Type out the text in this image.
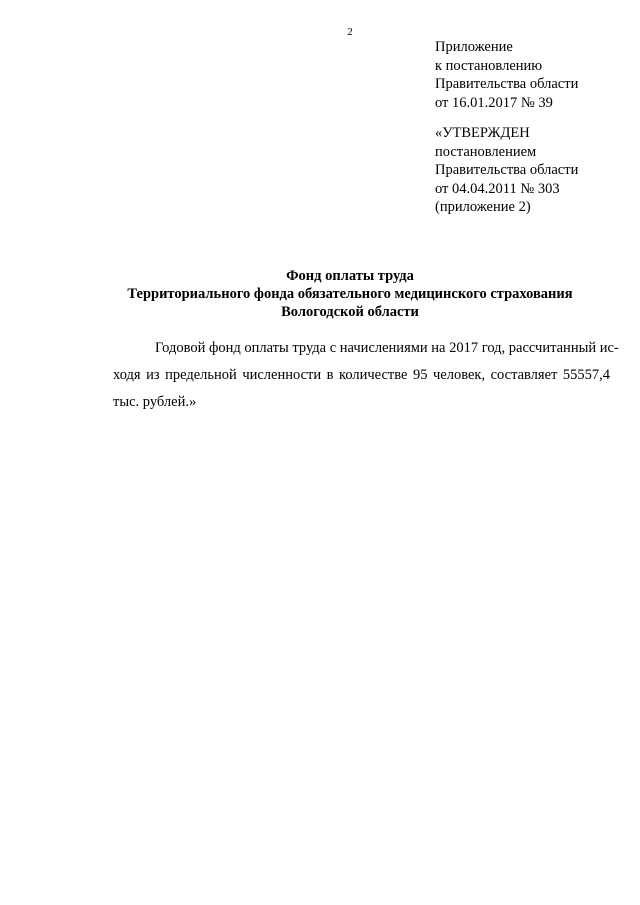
2
Приложение
к постановлению
Правительства области
от 16.01.2017 № 39
«УТВЕРЖДЕН
постановлением
Правительства области
от 04.04.2011 № 303
(приложение 2)
Фонд оплаты труда
Территориального фонда обязательного медицинского страхования
Вологодской области
Годовой фонд оплаты труда с начислениями на 2017 год, рассчитанный ис-
ходя из предельной численности в количестве 95 человек, составляет 55557,4
тыс. рублей.»
